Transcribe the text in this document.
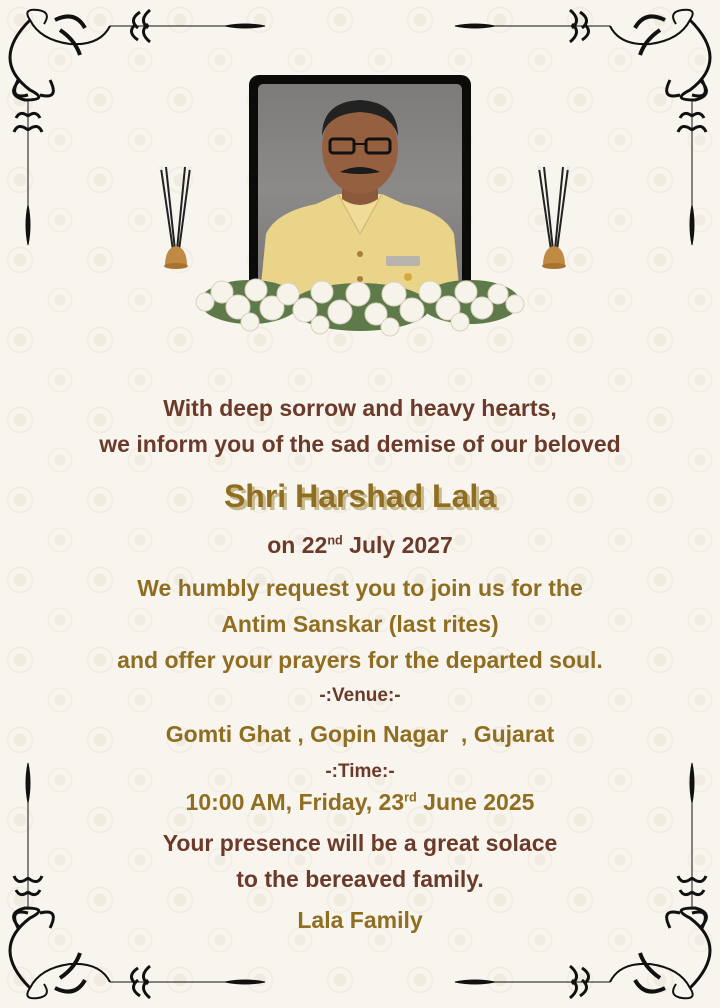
With deep sorrow and heavy hearts,
we inform you of the sad demise of our beloved
Shri Harshad Lala
on 22nd July 2027
We humbly request you to join us for the
Antim Sanskar (last rites)
and offer your prayers for the departed soul.
-:Venue:-
Gomti Ghat , Gopin Nagar  , Gujarat
-:Time:-
10:00 AM, Friday, 23rd June 2025
Your presence will be a great solace
to the bereaved family.
Lala Family
